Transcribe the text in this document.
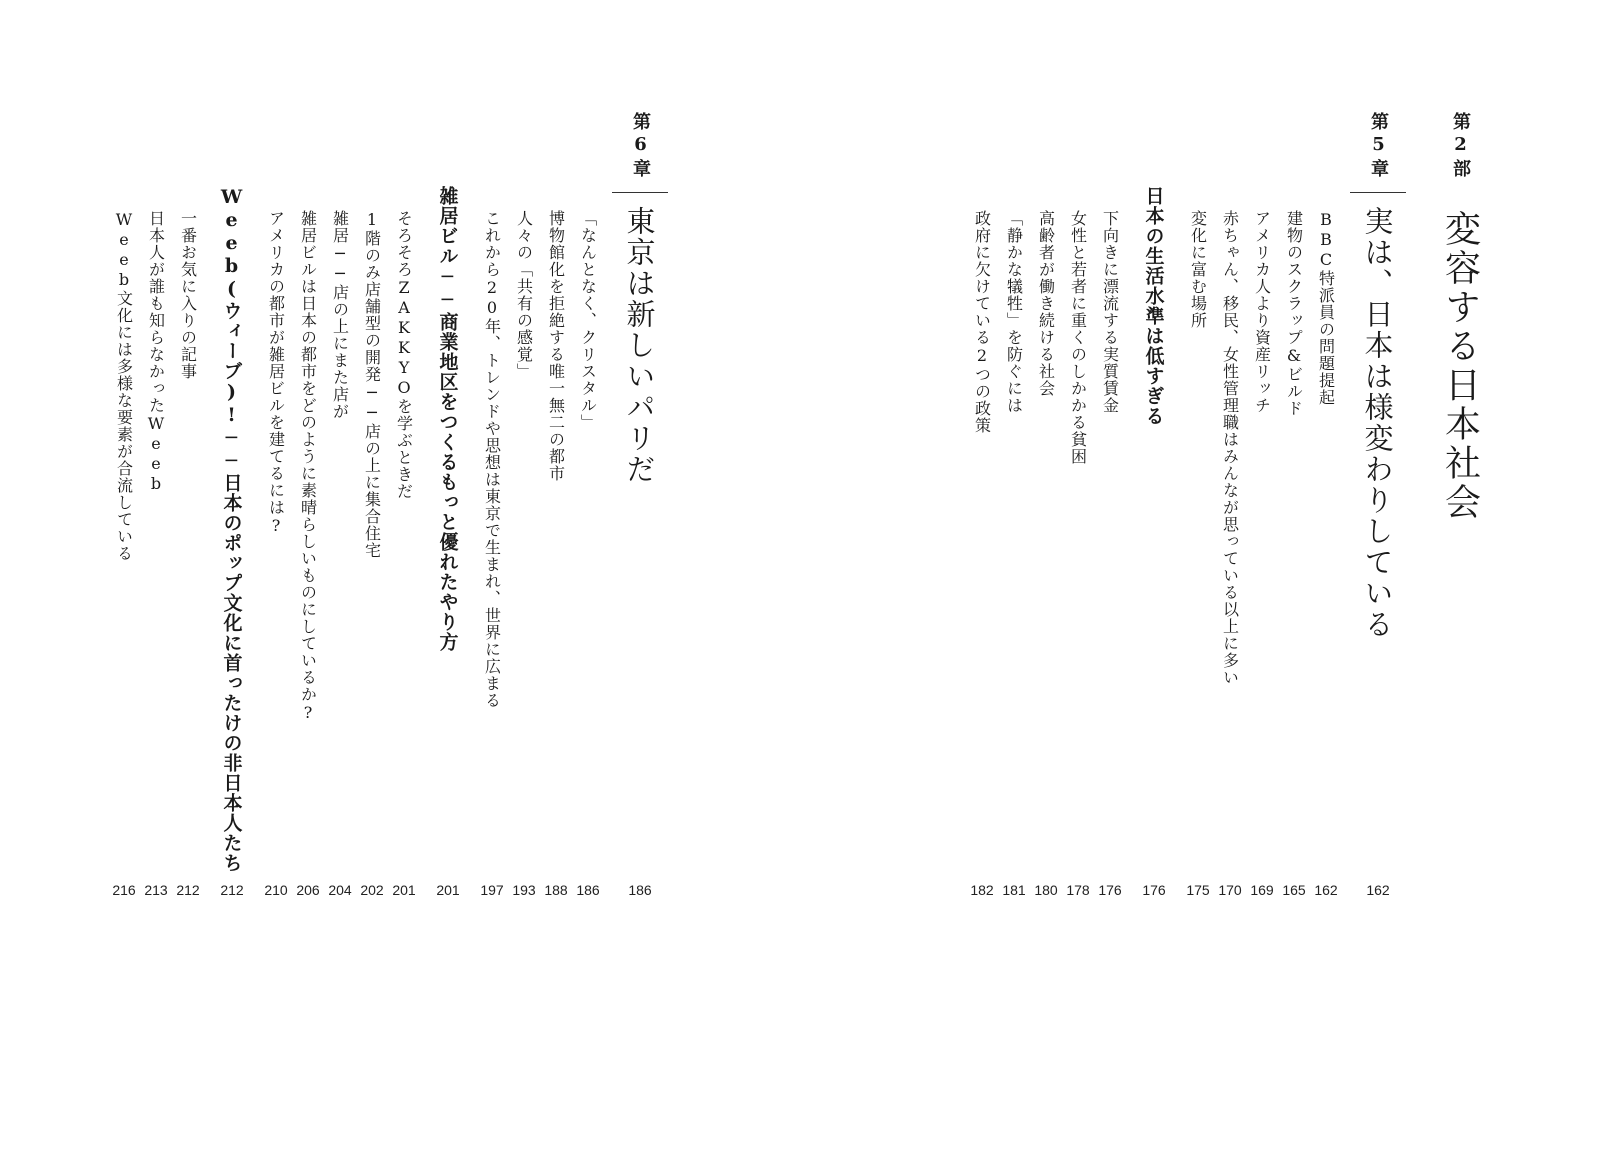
第2部
変容する日本社会
第5章
実は、日本は様変わりしている
162
BBC特派員の問題提起
162
建物のスクラップ&ビルド
165
アメリカ人より資産リッチ
169
赤ちゃん、移民、女性管理職はみんなが思っている以上に多い
170
変化に富む場所
175
日本の生活水準は低すぎる
176
下向きに漂流する実質賃金
176
女性と若者に重くのしかかる貧困
178
高齢者が働き続ける社会
180
「静かな犠牲」を防ぐには
181
政府に欠けている2つの政策
182
第6章
東京は新しいパリだ
186
「なんとなく、クリスタル」
186
博物館化を拒絶する唯一無二の都市
188
人々の「共有の感覚」
193
これから20年、トレンドや思想は東京で生まれ、世界に広まる
197
雑居ビル──商業地区をつくるもっと優れたやり方
201
そろそろZAKKYOを学ぶときだ
201
1階のみ店舗型の開発──店の上に集合住宅
202
雑居──店の上にまた店が
204
雑居ビルは日本の都市をどのように素晴らしいものにしているか?
206
アメリカの都市が雑居ビルを建てるには?
210
Weeb(ウィーブ)!──日本のポップ文化に首ったけの非日本人たち
212
一番お気に入りの記事
212
日本人が誰も知らなかったWeeb
213
Weeb文化には多様な要素が合流している
216
